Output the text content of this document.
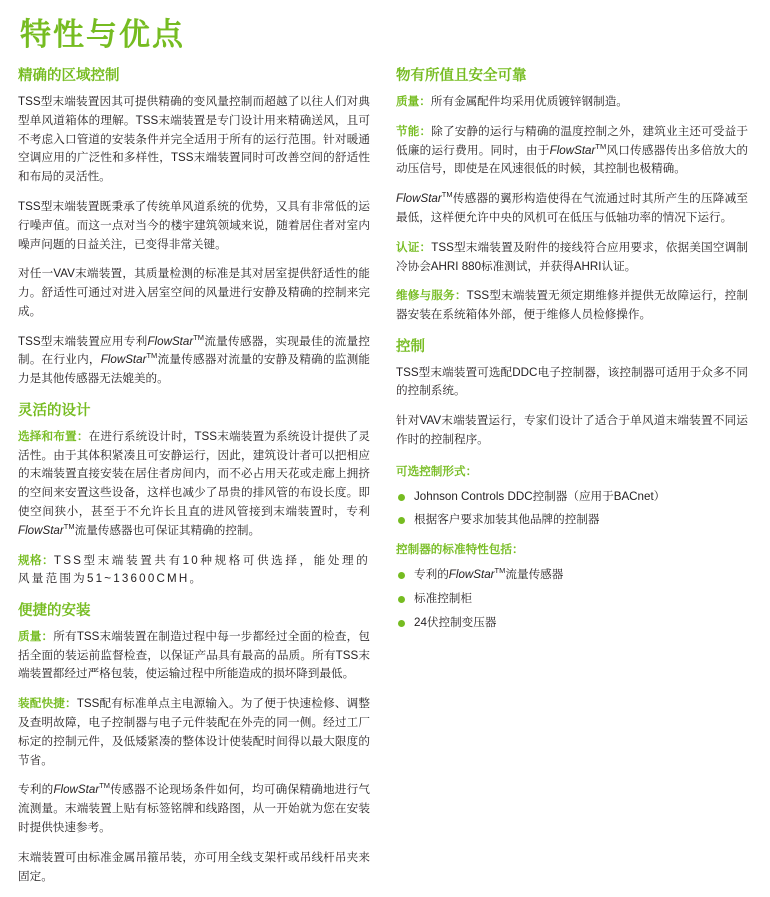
特性与优点
精确的区域控制

TSS型末端装置因其可提供精确的变风量控制而超越了以往人们对典型单风道箱体的理解。TSS末端装置是专门设计用来精确送风，且可不考虑入口管道的安装条件并完全适用于所有的运行范围。针对暖通空调应用的广泛性和多样性，TSS末端装置同时可改善空间的舒适性和布局的灵活性。

TSS型末端装置既秉承了传统单风道系统的优势，又具有非常低的运行噪声值。而这一点对当今的楼宇建筑领域来说，随着居住者对室内噪声问题的日益关注，已变得非常关键。

对任一VAV末端装置，其质量检测的标准是其对居室提供舒适性的能力。舒适性可通过对进入居室空间的风量进行安静及精确的控制来完成。

TSS型末端装置应用专利FlowStar™流量传感器，实现最佳的流量控制。在行业内，FlowStar™流量传感器对流量的安静及精确的监测能力是其他传感器无法媲美的。

灵活的设计

选择和布置：在进行系统设计时，TSS末端装置为系统设计提供了灵活性。由于其体积紧凑且可安静运行，因此，建筑设计者可以把相应的末端装置直接安装在居住者房间内，而不必占用天花或走廊上拥挤的空间来安置这些设备，这样也减少了昂贵的排风管的布设长度。即使空间狭小，甚至于不允许长且直的进风管接到末端装置时，专利FlowStar™流量传感器也可保证其精确的控制。

规格：TSS型末端装置共有10种规格可供选择，能处理的风量范围为51~13600CMH。

便捷的安装

质量：所有TSS末端装置在制造过程中每一步都经过全面的检查，包括全面的装运前监督检查，以保证产品具有最高的品质。所有TSS末端装置都经过严格包装，使运输过程中所能造成的损坏降到最低。

装配快捷：TSS配有标准单点主电源输入。为了便于快速检修、调整及查明故障，电子控制器与电子元件装配在外壳的同一侧。经过工厂标定的控制元件，及低矮紧凑的整体设计使装配时间得以最大限度的节省。

专利的FlowStar™传感器不论现场条件如何，均可确保精确地进行气流测量。末端装置上贴有标签铭牌和线路图，从一开始就为您在安装时提供快速参考。

末端装置可由标准金属吊箍吊装，亦可用全线支架杆或吊线杆吊夹来固定。

物有所值且安全可靠

质量：所有金属配件均采用优质镀锌钢制造。

节能：除了安静的运行与精确的温度控制之外，建筑业主还可受益于低廉的运行费用。同时，由于FlowStar™风口传感器传出多倍放大的动压信号，即使是在风速很低的时候，其控制也极精确。

FlowStar™传感器的翼形构造使得在气流通过时其所产生的压降减至最低，这样便允许中央的风机可在低压与低轴功率的情况下运行。

认证：TSS型末端装置及附件的接线符合应用要求，依据美国空调制冷协会AHRI 880标准测试，并获得AHRI认证。

维修与服务：TSS型末端装置无须定期维修并提供无故障运行，控制器安装在系统箱体外部，便于维修人员检修操作。

控制

TSS型末端装置可选配DDC电子控制器，该控制器可适用于众多不同的控制系统。

针对VAV末端装置运行，专家们设计了适合于单风道末端装置不同运作时的控制程序。

可选控制形式：
Johnson Controls DDC控制器（应用于BACnet）
根据客户要求加装其他品牌的控制器
控制器的标准特性包括：
专利的FlowStar™流量传感器
标准控制柜
24伏控制变压器
